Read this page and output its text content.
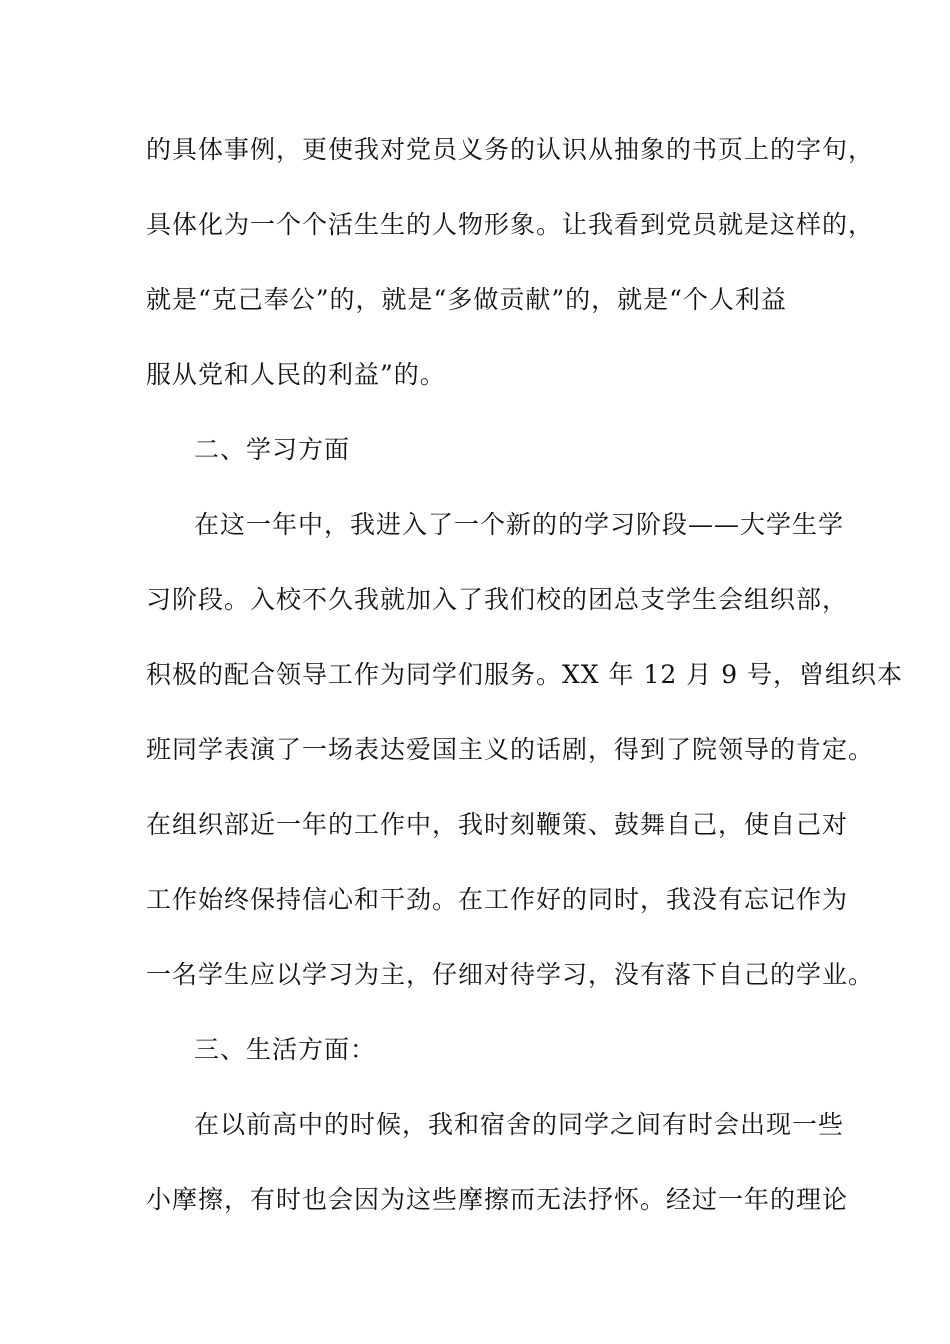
的具体事例，更使我对党员义务的认识从抽象的书页上的字句，
具体化为一个个活生生的人物形象。让我看到党员就是这样的，
就是“克己奉公”的，就是“多做贡献”的，就是“个人利益
服从党和人民的利益”的。
二、学习方面
在这一年中，我进入了一个新的的学习阶段——大学生学
习阶段。入校不久我就加入了我们校的团总支学生会组织部，
积极的配合领导工作为同学们服务。XX 年 12 月 9 号，曾组织本
班同学表演了一场表达爱国主义的话剧，得到了院领导的肯定。
在组织部近一年的工作中，我时刻鞭策、鼓舞自己，使自己对
工作始终保持信心和干劲。在工作好的同时，我没有忘记作为
一名学生应以学习为主，仔细对待学习，没有落下自己的学业。
三、生活方面：
在以前高中的时候，我和宿舍的同学之间有时会出现一些
小摩擦，有时也会因为这些摩擦而无法抒怀。经过一年的理论
